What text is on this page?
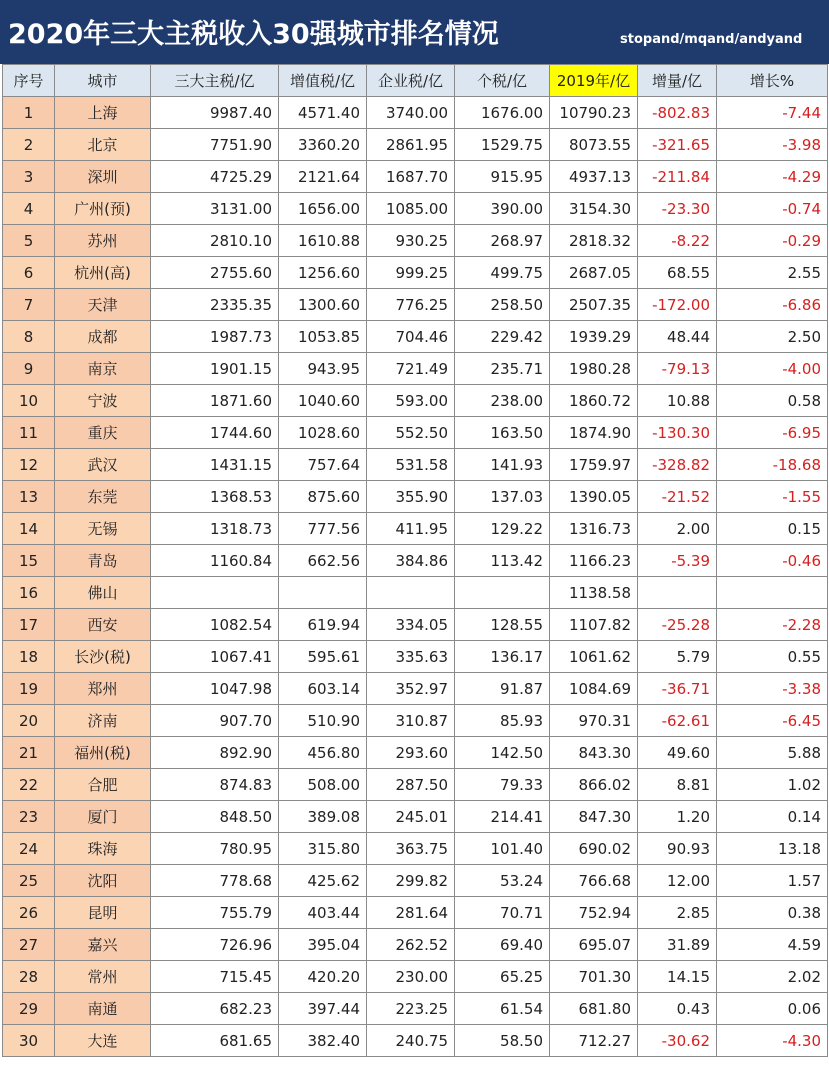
2020年三大主税收入30强城市排名情况	stopand/mqand/andyand
序号	城市	三大主税/亿	增值税/亿	企业税/亿	个税/亿	2019年/亿	增量/亿	增长%
1	上海	9987.40	4571.40	3740.00	1676.00	10790.23	-802.83	-7.44
2	北京	7751.90	3360.20	2861.95	1529.75	8073.55	-321.65	-3.98
3	深圳	4725.29	2121.64	1687.70	915.95	4937.13	-211.84	-4.29
4	广州(预)	3131.00	1656.00	1085.00	390.00	3154.30	-23.30	-0.74
5	苏州	2810.10	1610.88	930.25	268.97	2818.32	-8.22	-0.29
6	杭州(高)	2755.60	1256.60	999.25	499.75	2687.05	68.55	2.55
7	天津	2335.35	1300.60	776.25	258.50	2507.35	-172.00	-6.86
8	成都	1987.73	1053.85	704.46	229.42	1939.29	48.44	2.50
9	南京	1901.15	943.95	721.49	235.71	1980.28	-79.13	-4.00
10	宁波	1871.60	1040.60	593.00	238.00	1860.72	10.88	0.58
11	重庆	1744.60	1028.60	552.50	163.50	1874.90	-130.30	-6.95
12	武汉	1431.15	757.64	531.58	141.93	1759.97	-328.82	-18.68
13	东莞	1368.53	875.60	355.90	137.03	1390.05	-21.52	-1.55
14	无锡	1318.73	777.56	411.95	129.22	1316.73	2.00	0.15
15	青岛	1160.84	662.56	384.86	113.42	1166.23	-5.39	-0.46
16	佛山					1138.58		
17	西安	1082.54	619.94	334.05	128.55	1107.82	-25.28	-2.28
18	长沙(税)	1067.41	595.61	335.63	136.17	1061.62	5.79	0.55
19	郑州	1047.98	603.14	352.97	91.87	1084.69	-36.71	-3.38
20	济南	907.70	510.90	310.87	85.93	970.31	-62.61	-6.45
21	福州(税)	892.90	456.80	293.60	142.50	843.30	49.60	5.88
22	合肥	874.83	508.00	287.50	79.33	866.02	8.81	1.02
23	厦门	848.50	389.08	245.01	214.41	847.30	1.20	0.14
24	珠海	780.95	315.80	363.75	101.40	690.02	90.93	13.18
25	沈阳	778.68	425.62	299.82	53.24	766.68	12.00	1.57
26	昆明	755.79	403.44	281.64	70.71	752.94	2.85	0.38
27	嘉兴	726.96	395.04	262.52	69.40	695.07	31.89	4.59
28	常州	715.45	420.20	230.00	65.25	701.30	14.15	2.02
29	南通	682.23	397.44	223.25	61.54	681.80	0.43	0.06
30	大连	681.65	382.40	240.75	58.50	712.27	-30.62	-4.30
